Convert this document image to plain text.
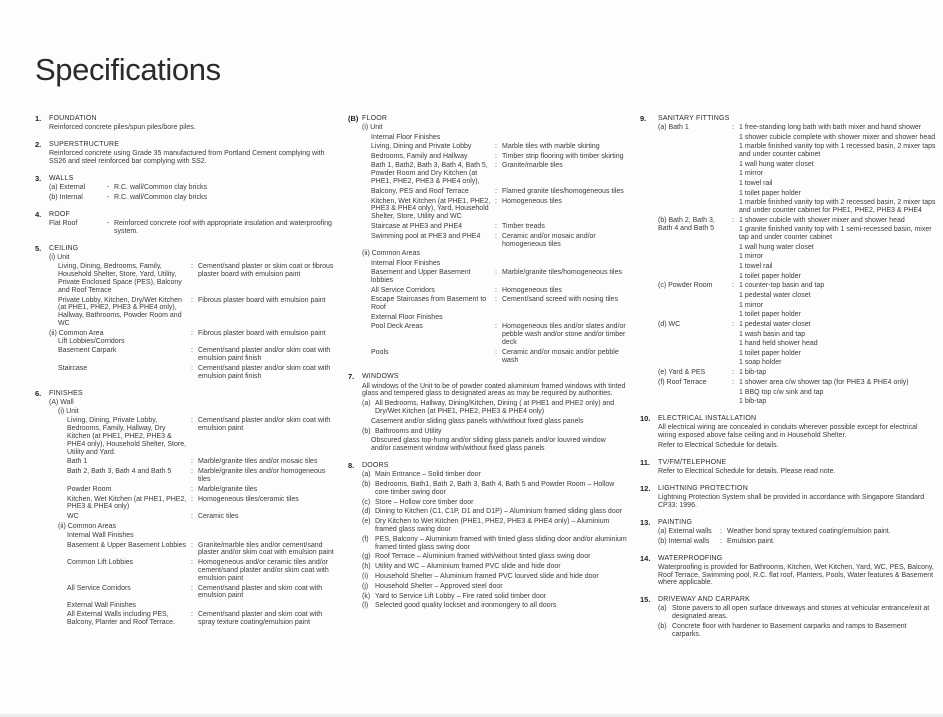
Specifications
1.	FOUNDATION
Reinforced concrete piles/spun piles/bore piles.
2.	SUPERSTRUCTURE
Reinforced concrete using Grade 35 manufactured from Portland Cement complying with SS26 and steel reinforced bar complying with SS2.
3.	WALLS
(a) External	- R.C. wall/Common clay bricks
(b) Internal	- R.C. wall/Common clay bricks
4.	ROOF
Flat Roof	- Reinforced concrete roof with appropriate insulation and waterproofing system.
5.	CEILING
(i) Unit
Living, Dining, Bedrooms, Family, Household Shelter, Store, Yard, Utility, Private Enclosed Space (PES), Balcony and Roof Terrace
: Cement/sand plaster or skim coat or fibrous plaster board with emulsion paint
Private Lobby, Kitchen, Dry/Wet Kitchen (at PHE1, PHE2, PHE3 & PHE4 only), Hallway, Bathrooms, Powder Room and WC
: Fibrous plaster board with emulsion paint
(ii) Common Area
Lift Lobbies/Corridors
: Fibrous plaster board with emulsion paint
Basement Carpark	: Cement/sand plaster and/or skim coat with emulsion paint finish
Staircase	: Cement/sand plaster and/or skim coat with emulsion paint finish
6.	FINISHES
(A) Wall
(i) Unit
Living, Dining, Private Lobby, Bedrooms, Family, Hallway, Dry Kitchen (at PHE1, PHE2, PHE3 & PHE4 only), Household Shelter, Store, Utility and Yard.
: Cement/sand plaster and/or skim coat with emulsion paint
Bath 1	: Marble/granite tiles and/or mosaic tiles
Bath 2, Bath 3, Bath 4 and Bath 5	: Marble/granite tiles and/or homogeneous tiles
Powder Room	: Marble/granite tiles
Kitchen, Wet Kitchen (at PHE1, PHE2, PHE3 & PHE4 only)
: Homogeneous tiles/ceramic tiles
WC	: Ceramic tiles
(ii) Common Areas
Internal Wall Finishes
Basement & Upper Basement Lobbies : Granite/marble tiles and/or cement/sand plaster and/or skim coat with emulsion paint
Common Lift Lobbies	: Homogeneous and/or ceramic tiles and/or cement/sand plaster and/or skim coat with emulsion paint
All Service Corridors	: Cement/sand plaster and skim coat with emulsion paint
External Wall Finishes
All External Walls including PES, Balcony, Planter and Roof Terrace.
: Cement/sand plaster and skim coat with spray texture coating/emulsion paint
(B) FLOOR
(i) Unit
Internal Floor Finishes
Living, Dining and Private Lobby	: Marble tiles with marble skirting
Bedrooms, Family and Hallway	: Timber strip flooring with timber skirting
Bath 1, Bath2, Bath 3, Bath 4, Bath 5, Powder Room and Dry Kitchen (at PHE1, PHE2, PHE3 & PHE4 only),
: Granite/marble tiles
Balcony, PES and Roof Terrace	: Flamed granite tiles/homogeneous tiles
Kitchen, Wet Kitchen (at PHE1, PHE2, PHE3 & PHE4 only), Yard, Household Shelter, Store, Utility and WC
: Homogeneous tiles
Staircase at PHE3 and PHE4	: Timber treads
Swimming pool at PHE3 and PHE4	: Ceramic and/or mosaic and/or homogeneous tiles
(ii) Common Areas
Internal Floor Finishes
Basement and Upper Basement lobbies
: Marble/granite tiles/homogeneous tiles
All Service Corridors	: Homogeneous tiles
Escape Staircases from Basement to Roof
: Cement/sand screed with nosing tiles
External Floor Finishes
Pool Deck Areas	: Homogeneous tiles and/or slates and/or pebble wash and/or stone and/or timber deck
Pools	: Ceramic and/or mosaic and/or pebble wash
7.	WINDOWS
All windows of the Unit to be of powder coated aluminium framed windows with tinted glass and tempered glass to designated areas as may be required by authorities.
(a) All Bedrooms, Hallway, Dining/Kitchen, Dining ( at PHE1 and PHE2 only) and Dry/Wet Kitchen (at PHE1, PHE2, PHE3 & PHE4 only)
Casement and/or sliding glass panels with/without fixed glass panels
(b) Bathrooms and Utility
Obscured glass top-hung and/or sliding glass panels and/or louvred window and/or casement window with/without fixed glass panels
8.	DOORS
(a) Main Entrance – Solid timber door
(b) Bedrooms, Bath1, Bath 2, Bath 3, Bath 4, Bath 5 and Powder Room – Hollow core timber swing door
(c) Store – Hollow core timber door
(d) Dining to Kitchen (C1, C1P, D1 and D1P) – Aluminium framed sliding glass door
(e) Dry Kitchen to Wet Kitchen (PHE1, PHE2, PHE3 & PHE4 only) – Aluminium framed glass swing door
(f) PES, Balcony – Aluminium framed with tinted glass sliding door and/or aluminium framed tinted glass swing door
(g) Roof Terrace – Aluminium framed with/without tinted glass swing door
(h) Utility and WC – Aluminium framed PVC slide and hide door
(i) Household Shelter – Aluminium framed PVC lourved slide and hide door
(j) Household Shelter – Approved steel door
(k) Yard to Service Lift Lobby – Fire rated solid timber door
(l) Selected good quality lockset and ironmongery to all doors
9.	SANITARY FITTINGS
(a) Bath 1	: 1 free-standing long bath with bath mixer and hand shower
1 shower cubicle complete with shower mixer and shower head
1 marble finished vanity top with 1 recessed basin, 2 mixer taps and under counter cabinet
1 wall hung water closet
1 mirror
1 towel rail
1 toilet paper holder
1 marble finished vanity top with 2 recessed basin, 2 mixer taps and under counter cabinet for PHE1, PHE2, PHE3 & PHE4
(b) Bath 2, Bath 3, Bath 4 and Bath 5
: 1 shower cubicle with shower mixer and shower head
1 granite finished vanity top with 1 semi-recessed basin, mixer tap and under counter cabinet
1 wall hung water closet
1 mirror
1 towel rail
1 toilet paper holder
(c) Powder Room	: 1 counter-top basin and tap
1 pedestal water closet
1 mirror
1 toilet paper holder
(d) WC	: 1 pedestal water closet
1 wash basin and tap
1 hand held shower head
1 toilet paper holder
1 soap holder
(e) Yard & PES	: 1 bib-tap
(f) Roof Terrace	: 1 shower area c/w shower tap (for PHE3 & PHE4 only)
1 BBQ top c/w sink and tap
1 bib-tap
10.	ELECTRICAL INSTALLATION
All electrical wiring are concealed in conduits wherever possible except for electrical wiring exposed above false ceiling and in Household Shelter.
Refer to Electrical Schedule for details.
11.	TV/FM/TELEPHONE
Refer to Electrical Schedule for details. Please read note.
12.	LIGHTNING PROTECTION
Lightning Protection System shall be provided in accordance with Singapore Standard CP33: 1996.
13.	PAINTING
(a) External walls	: Weather bond spray textured coating/emulsion paint.
(b) Internal walls	: Emulsion paint.
14.	WATERPROOFING
Waterproofing is provided for Bathrooms, Kitchen, Wet Kitchen, Yard, WC, PES, Balcony, Roof Terrace, Swimming pool, R.C. flat roof, Planters, Pools, Water features & Basement where applicable.
15.	DRIVEWAY AND CARPARK
(a) Stone pavers to all open surface driveways and stones at vehicular entrance/exit at designated areas.
(b) Concrete floor with hardener to Basement carparks and ramps to Basement carparks.
